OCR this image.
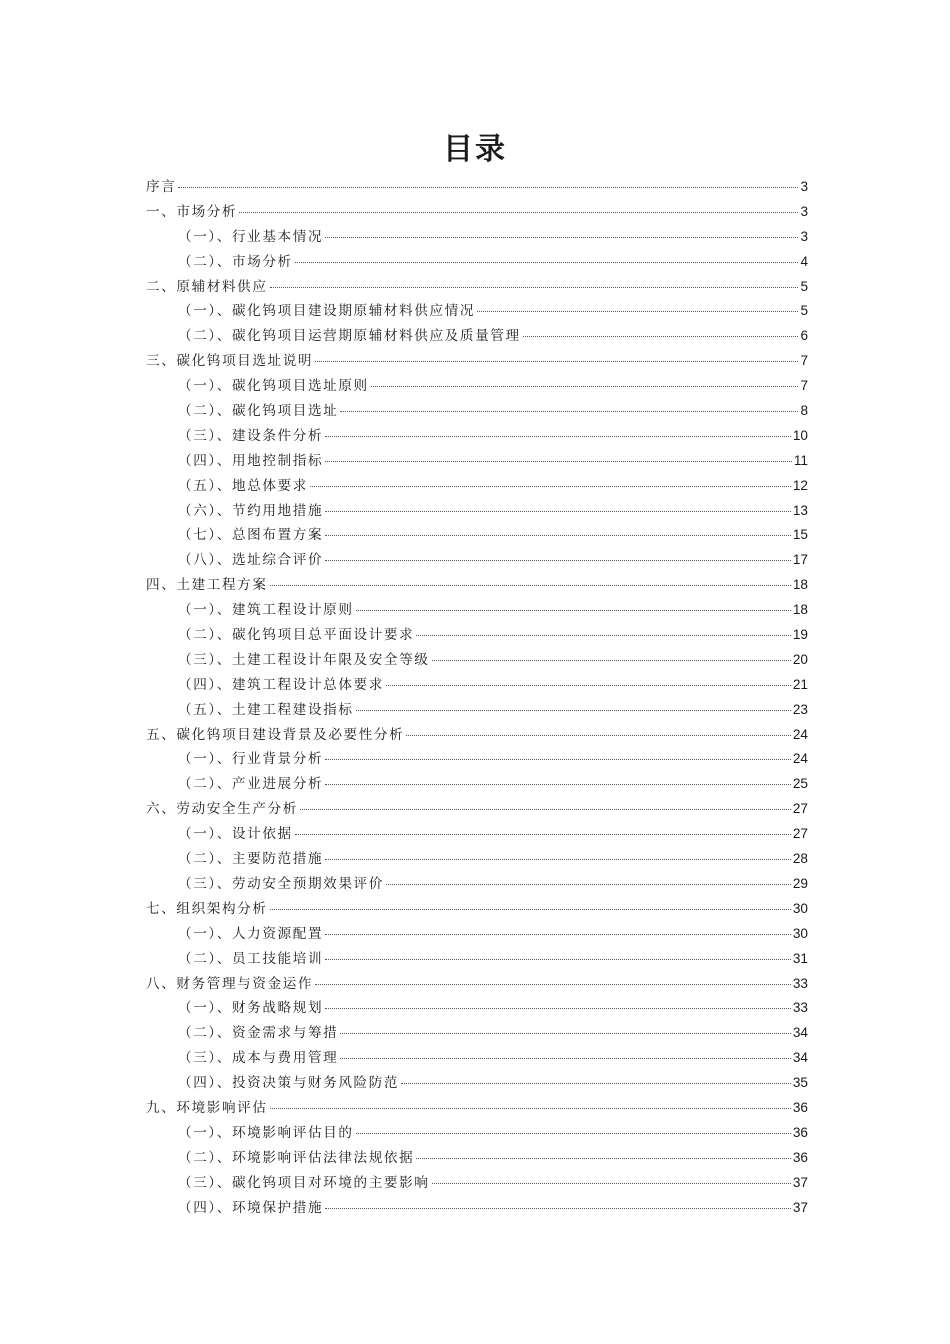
目录
序言	3
一、市场分析	3
（一）、行业基本情况	3
（二）、市场分析	4
二、原辅材料供应	5
（一）、碳化钨项目建设期原辅材料供应情况	5
（二）、碳化钨项目运营期原辅材料供应及质量管理	6
三、碳化钨项目选址说明	7
（一）、碳化钨项目选址原则	7
（二）、碳化钨项目选址	8
（三）、建设条件分析	10
（四）、用地控制指标	11
（五）、地总体要求	12
（六）、节约用地措施	13
（七）、总图布置方案	15
（八）、选址综合评价	17
四、土建工程方案	18
（一）、建筑工程设计原则	18
（二）、碳化钨项目总平面设计要求	19
（三）、土建工程设计年限及安全等级	20
（四）、建筑工程设计总体要求	21
（五）、土建工程建设指标	23
五、碳化钨项目建设背景及必要性分析	24
（一）、行业背景分析	24
（二）、产业进展分析	25
六、劳动安全生产分析	27
（一）、设计依据	27
（二）、主要防范措施	28
（三）、劳动安全预期效果评价	29
七、组织架构分析	30
（一）、人力资源配置	30
（二）、员工技能培训	31
八、财务管理与资金运作	33
（一）、财务战略规划	33
（二）、资金需求与筹措	34
（三）、成本与费用管理	34
（四）、投资决策与财务风险防范	35
九、环境影响评估	36
（一）、环境影响评估目的	36
（二）、环境影响评估法律法规依据	36
（三）、碳化钨项目对环境的主要影响	37
（四）、环境保护措施	37
